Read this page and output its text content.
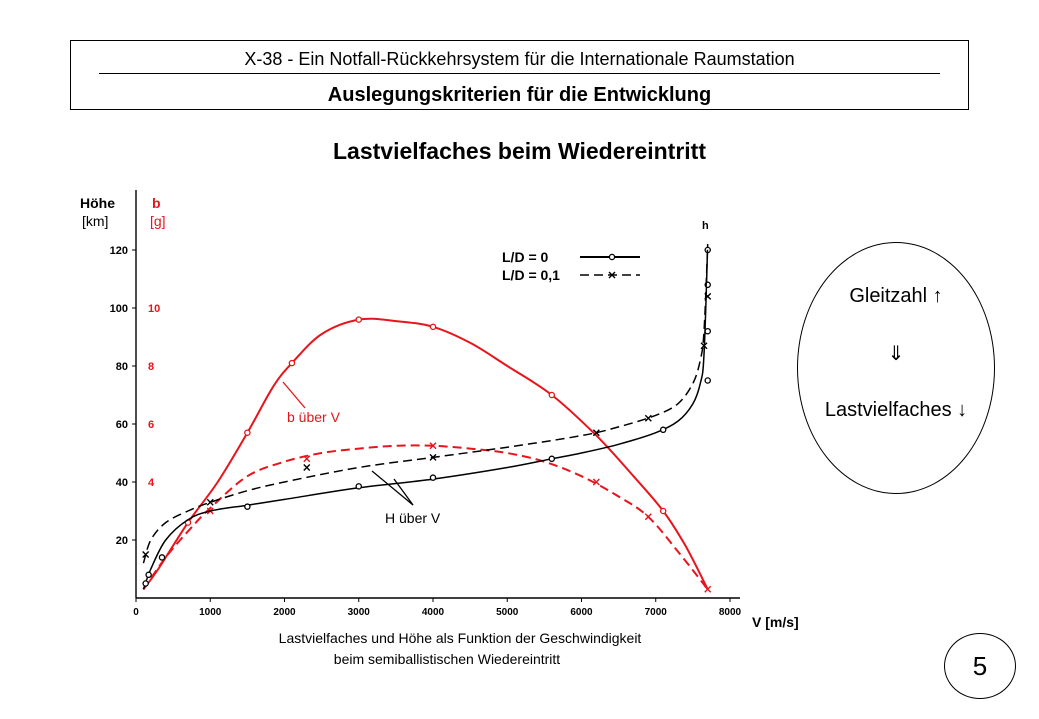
X-38 - Ein Notfall-Rückkehrsystem für die Internationale Raumstation
Auslegungskriterien für die Entwicklung
Lastvielfaches beim Wiedereintritt
Höhe
[km]
b
[g]
V [m/s]
20
40
60
80
100
120
4
6
8
10
0	1000	2000	3000	4000	5000	6000	7000	8000
L/D = 0
L/D = 0,1
h
b über V
H über V
Lastvielfaches und Höhe als Funktion der Geschwindigkeit
beim semiballistischen Wiedereintritt
Gleitzahl ↑
⇓
Lastvielfaches ↓
5
